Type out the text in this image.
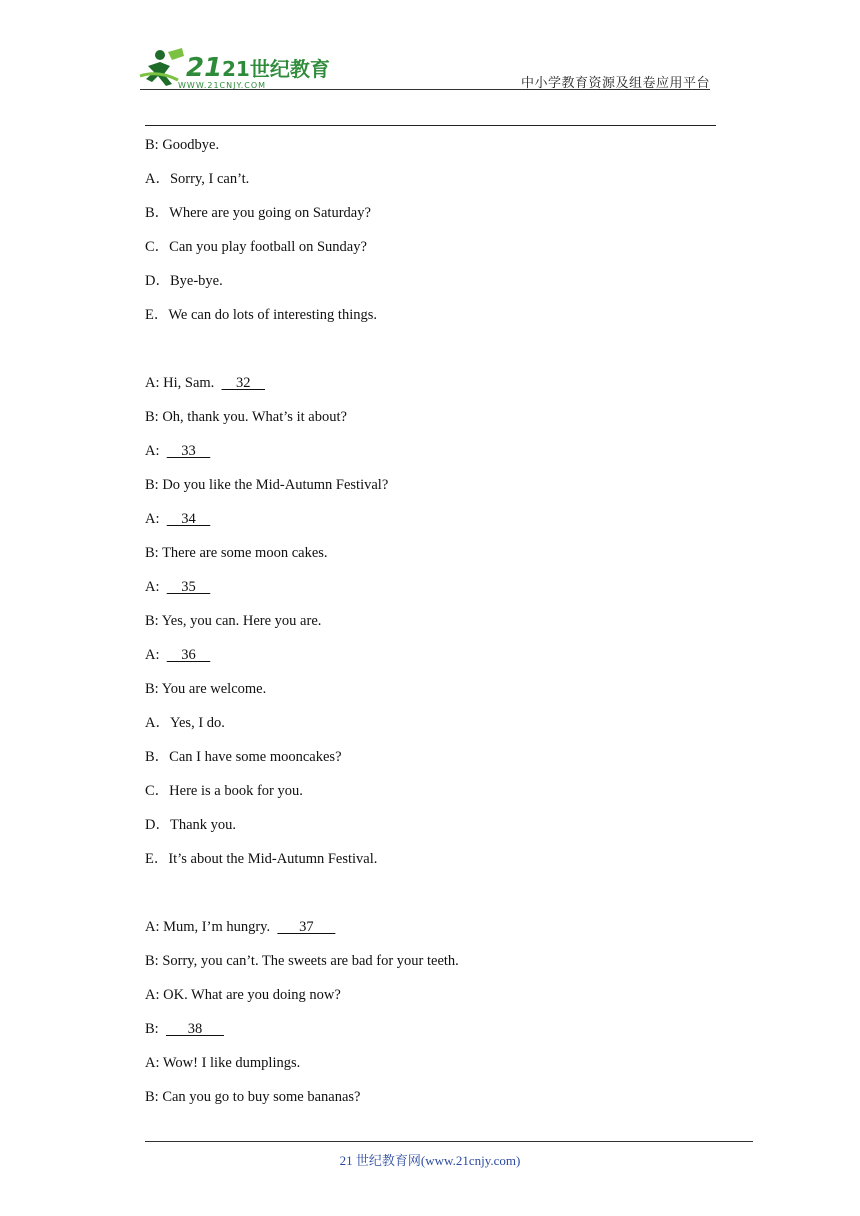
21 21世纪教育
WWW.21CNJY.COM	中小学教育资源及组卷应用平台
B: Goodbye.
A．Sorry, I can’t.
B．Where are you going on Saturday?
C．Can you play football on Sunday?
D．Bye-bye.
E．We can do lots of interesting things.
A: Hi, Sam.      32
B: Oh, thank you. What’s it about?
A:      33
B: Do you like the Mid-Autumn Festival?
A:      34
B: There are some moon cakes.
A:      35
B: Yes, you can. Here you are.
A:      36
B: You are welcome.
A．Yes, I do.
B．Can I have some mooncakes?
C．Here is a book for you.
D．Thank you.
E．It’s about the Mid-Autumn Festival.
A: Mum, I’m hungry.        37
B: Sorry, you can’t. The sweets are bad for your teeth.
A: OK. What are you doing now?
B:        38
A: Wow! I like dumplings.
B: Can you go to buy some bananas?
21 世纪教育网(www.21cnjy.com)
